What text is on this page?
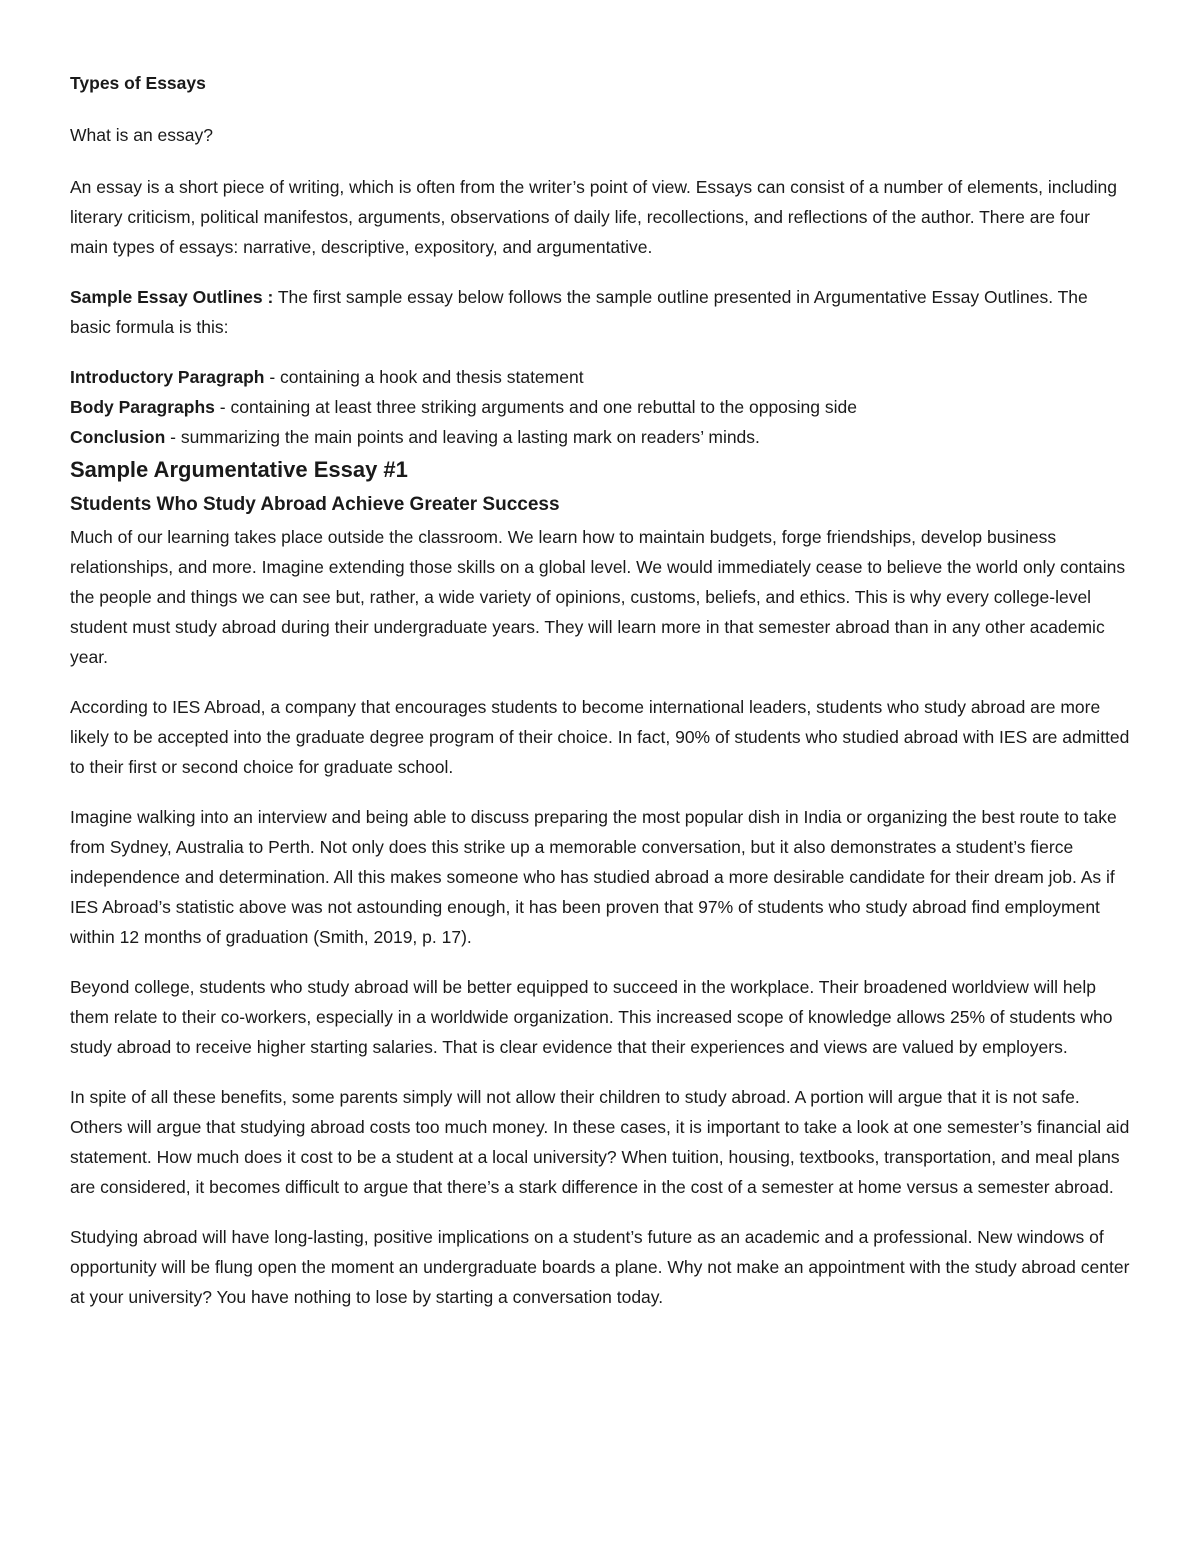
Types of Essays

What is an essay?

An essay is a short piece of writing, which is often from the writer’s point of view. Essays can consist of a number of elements, including literary criticism, political manifestos, arguments, observations of daily life, recollections, and reflections of the author. There are four main types of essays: narrative, descriptive, expository, and argumentative.

Sample Essay Outlines : The first sample essay below follows the sample outline presented in Argumentative Essay Outlines. The basic formula is this:

Introductory Paragraph - containing a hook and thesis statement

Body Paragraphs - containing at least three striking arguments and one rebuttal to the opposing side

Conclusion - summarizing the main points and leaving a lasting mark on readers’ minds.

Sample Argumentative Essay #1
Students Who Study Abroad Achieve Greater Success

Much of our learning takes place outside the classroom. We learn how to maintain budgets, forge friendships, develop business relationships, and more. Imagine extending those skills on a global level. We would immediately cease to believe the world only contains the people and things we can see but, rather, a wide variety of opinions, customs, beliefs, and ethics. This is why every college-level student must study abroad during their undergraduate years. They will learn more in that semester abroad than in any other academic year.

According to IES Abroad, a company that encourages students to become international leaders, students who study abroad are more likely to be accepted into the graduate degree program of their choice. In fact, 90% of students who studied abroad with IES are admitted to their first or second choice for graduate school.

Imagine walking into an interview and being able to discuss preparing the most popular dish in India or organizing the best route to take from Sydney, Australia to Perth. Not only does this strike up a memorable conversation, but it also demonstrates a student’s fierce independence and determination. All this makes someone who has studied abroad a more desirable candidate for their dream job. As if IES Abroad’s statistic above was not astounding enough, it has been proven that 97% of students who study abroad find employment within 12 months of graduation (Smith, 2019, p. 17).

Beyond college, students who study abroad will be better equipped to succeed in the workplace. Their broadened worldview will help them relate to their co-workers, especially in a worldwide organization. This increased scope of knowledge allows 25% of students who study abroad to receive higher starting salaries. That is clear evidence that their experiences and views are valued by employers.

In spite of all these benefits, some parents simply will not allow their children to study abroad. A portion will argue that it is not safe. Others will argue that studying abroad costs too much money. In these cases, it is important to take a look at one semester’s financial aid statement. How much does it cost to be a student at a local university? When tuition, housing, textbooks, transportation, and meal plans are considered, it becomes difficult to argue that there’s a stark difference in the cost of a semester at home versus a semester abroad.

Studying abroad will have long-lasting, positive implications on a student’s future as an academic and a professional. New windows of opportunity will be flung open the moment an undergraduate boards a plane. Why not make an appointment with the study abroad center at your university? You have nothing to lose by starting a conversation today.
